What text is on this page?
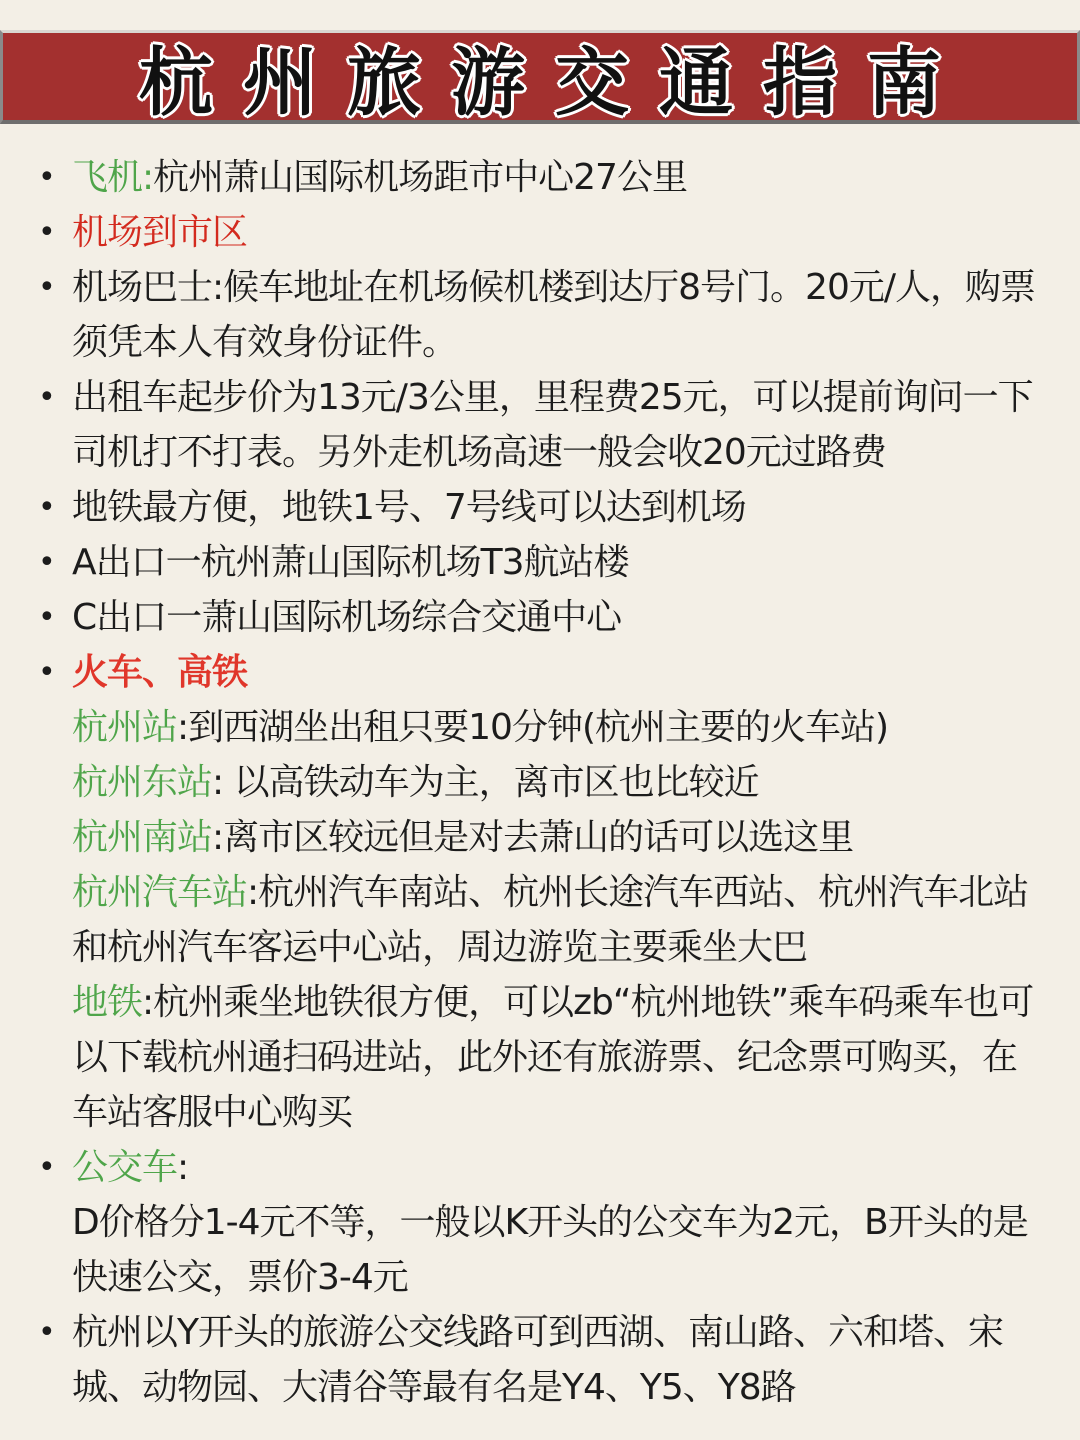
杭州旅游交通指南
• 飞机:杭州萧山国际机场距市中心27公里
• 机场到市区
• 机场巴士:候车地址在机场候机楼到达厅8号门。20元/人，购票须凭本人有效身份证件。
• 出租车起步价为13元/3公里，里程费25元，可以提前询问一下司机打不打表。另外走机场高速一般会收20元过路费
• 地铁最方便，地铁1号、7号线可以达到机场
• A出口一杭州萧山国际机场T3航站楼
• C出口一萧山国际机场综合交通中心
• 火车、高铁
杭州站:到西湖坐出租只要10分钟(杭州主要的火车站)
杭州东站: 以高铁动车为主，离市区也比较近
杭州南站:离市区较远但是对去萧山的话可以选这里
杭州汽车站:杭州汽车南站、杭州长途汽车西站、杭州汽车北站和杭州汽车客运中心站，周边游览主要乘坐大巴
地铁:杭州乘坐地铁很方便，可以zb“杭州地铁”乘车码乘车也可以下载杭州通扫码进站，此外还有旅游票、纪念票可购买，在车站客服中心购买
• 公交车:
D价格分1-4元不等，一般以K开头的公交车为2元，B开头的是快速公交，票价3-4元
• 杭州以Y开头的旅游公交线路可到西湖、南山路、六和塔、宋城、动物园、大清谷等最有名是Y4、Y5、Y8路
